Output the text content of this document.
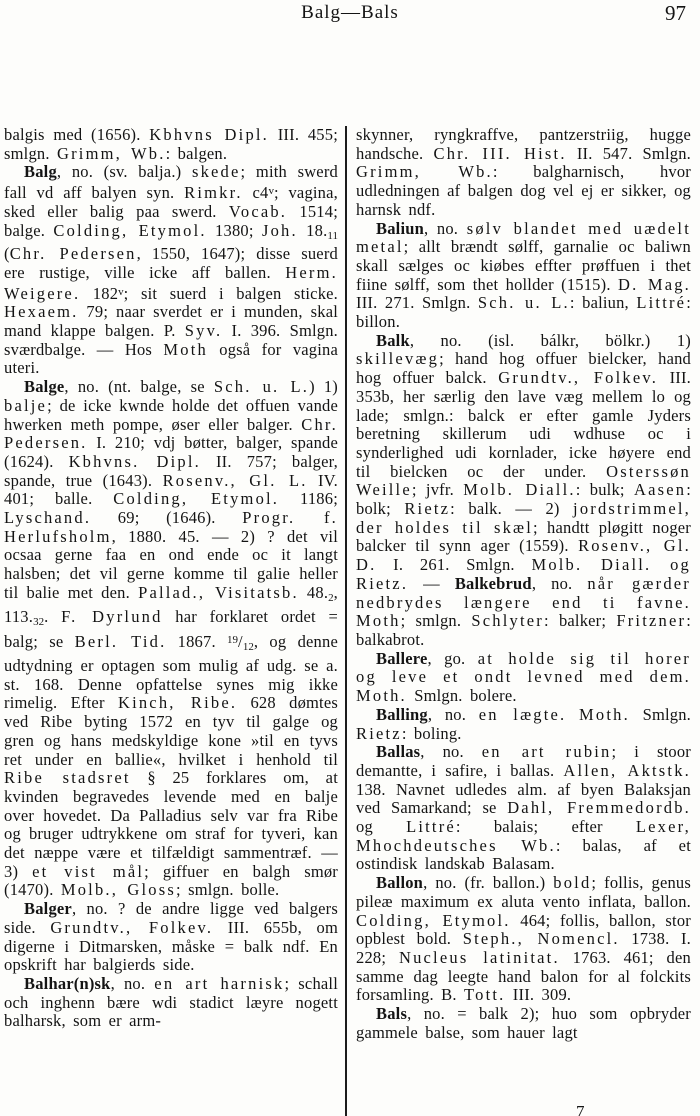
Balg—Bals	97

balgis med (1656). Kbhvns Dipl. III. 455; smlgn. Grimm, Wb.: balgen.

Balg, no. (sv. balja.) skede; mith swerd fall vd aff balyen syn. Rimkr. c4$^v$; vagina, sked eller balig paa swerd. Vocab. 1514; balge. Colding, Etymol. 1380; Joh. 18.11 (Chr. Pedersen, 1550, 1647); disse suerd ere rustige, ville icke aff ballen. Herm. Weigere. 182$^v$; sit suerd i balgen sticke. Hexaem. 79; naar sverdet er i munden, skal mand klappe balgen. P. Syv. I. 396. Smlgn. sværdbalge. — Hos Moth også for vagina uteri.

Balge, no. (nt. balge, se Sch. u. L.) 1) balje; de icke kwnde holde det offuen vande hwerken meth pompe, øser eller balger. Chr. Pedersen. I. 210; vdj bøtter, balger, spande (1624). Kbhvns. Dipl. II. 757; balger, spande, true (1643). Rosenv., Gl. L. IV. 401; balle. Colding, Etymol. 1186; Lyschand. 69; (1646). Progr. f. Herlufsholm, 1880. 45. — 2) ? det vil ocsaa gerne faa en ond ende oc it langt halsben; det vil gerne komme til galie heller til balie met den. Pallad., Visitatsb. 48.2, 113.32. F. Dyrlund har forklaret ordet = balg; se Berl. Tid. 1867. $^{19}$/12, og denne udtydning er optagen som mulig af udg. se a. st. 168. Denne opfattelse synes mig ikke rimelig. Efter Kinch, Ribe. 628 dømtes ved Ribe byting 1572 en tyv til galge og gren og hans medskyldige kone »til en tyvs ret under en ballie«, hvilket i henhold til Ribe stadsret § 25 forklares om, at kvinden begravedes levende med en balje over hovedet. Da Palladius selv var fra Ribe og bruger udtrykkene om straf for tyveri, kan det næppe være et tilfældigt sammentræf. — 3) et vist mål; giffuer en balgh smør (1470). Molb., Gloss; smlgn. bolle.

Balger, no. ? de andre ligge ved balgers side. Grundtv., Folkev. III. 655b, om digerne i Ditmarsken, måske = balk ndf. En opskrift har balgierds side.

Balhar(n)sk, no. en art harnisk; schall och inghenn bære wdi stadict læyre nogett balharsk, som er arm-

skynner, ryngkraffve, pantzerstriig, hugge handsche. Chr. III. Hist. II. 547. Smlgn. Grimm, Wb.: balgharnisch, hvor udledningen af balgen dog vel ej er sikker, og harnsk ndf.

Baliun, no. sølv blandet med uædelt metal; allt brændt sølff, garnalie oc baliwn skall sælges oc kiøbes effter prøffuen i thet fiine sølff, som thet hollder (1515). D. Mag. III. 271. Smlgn. Sch. u. L.: baliun, Littré: billon.

Balk, no. (isl. bálkr, bölkr.) 1) skillevæg; hand hog offuer bielcker, hand hog offuer balck. Grundtv., Folkev. III. 353b, her særlig den lave væg mellem lo og lade; smlgn.: balck er efter gamle Jyders beretning skillerum udi wdhuse oc i synderlighed udi kornlader, icke høyere end til bielcken oc der under. Osterssøn Weille; jvfr. Molb. Diall.: bulk; Aasen: bolk; Rietz: balk. — 2) jordstrimmel, der holdes til skæl; handtt pløgitt noger balcker til synn ager (1559). Rosenv., Gl. D. I. 261. Smlgn. Molb. Diall. og Rietz. — Balkebrud, no. når gærder nedbrydes længere end ti favne. Moth; smlgn. Schlyter: balker; Fritzner: balkabrot.

Ballere, go. at holde sig til horer og leve et ondt levned med dem. Moth. Smlgn. bolere.

Balling, no. en lægte. Moth. Smlgn. Rietz: boling.

Ballas, no. en art rubin; i stoor demantte, i safire, i ballas. Allen, Aktstk. 138. Navnet udledes alm. af byen Balaksjan ved Samarkand; se Dahl, Fremmedordb. og Littré: balais; efter Lexer, Mhochdeutsches Wb.: balas, af et ostindisk landskab Balasam.

Ballon, no. (fr. ballon.) bold; follis, genus pileæ maximum ex aluta vento inflata, ballon. Colding, Etymol. 464; follis, ballon, stor opblest bold. Steph., Nomencl. 1738. I. 228; Nucleus latinitat. 1763. 461; den samme dag leegte hand balon for al folckits forsamling. B. Tott. III. 309.

Bals, no. = balk 2); huo som opbryder gammele balse, som hauer lagt

7
